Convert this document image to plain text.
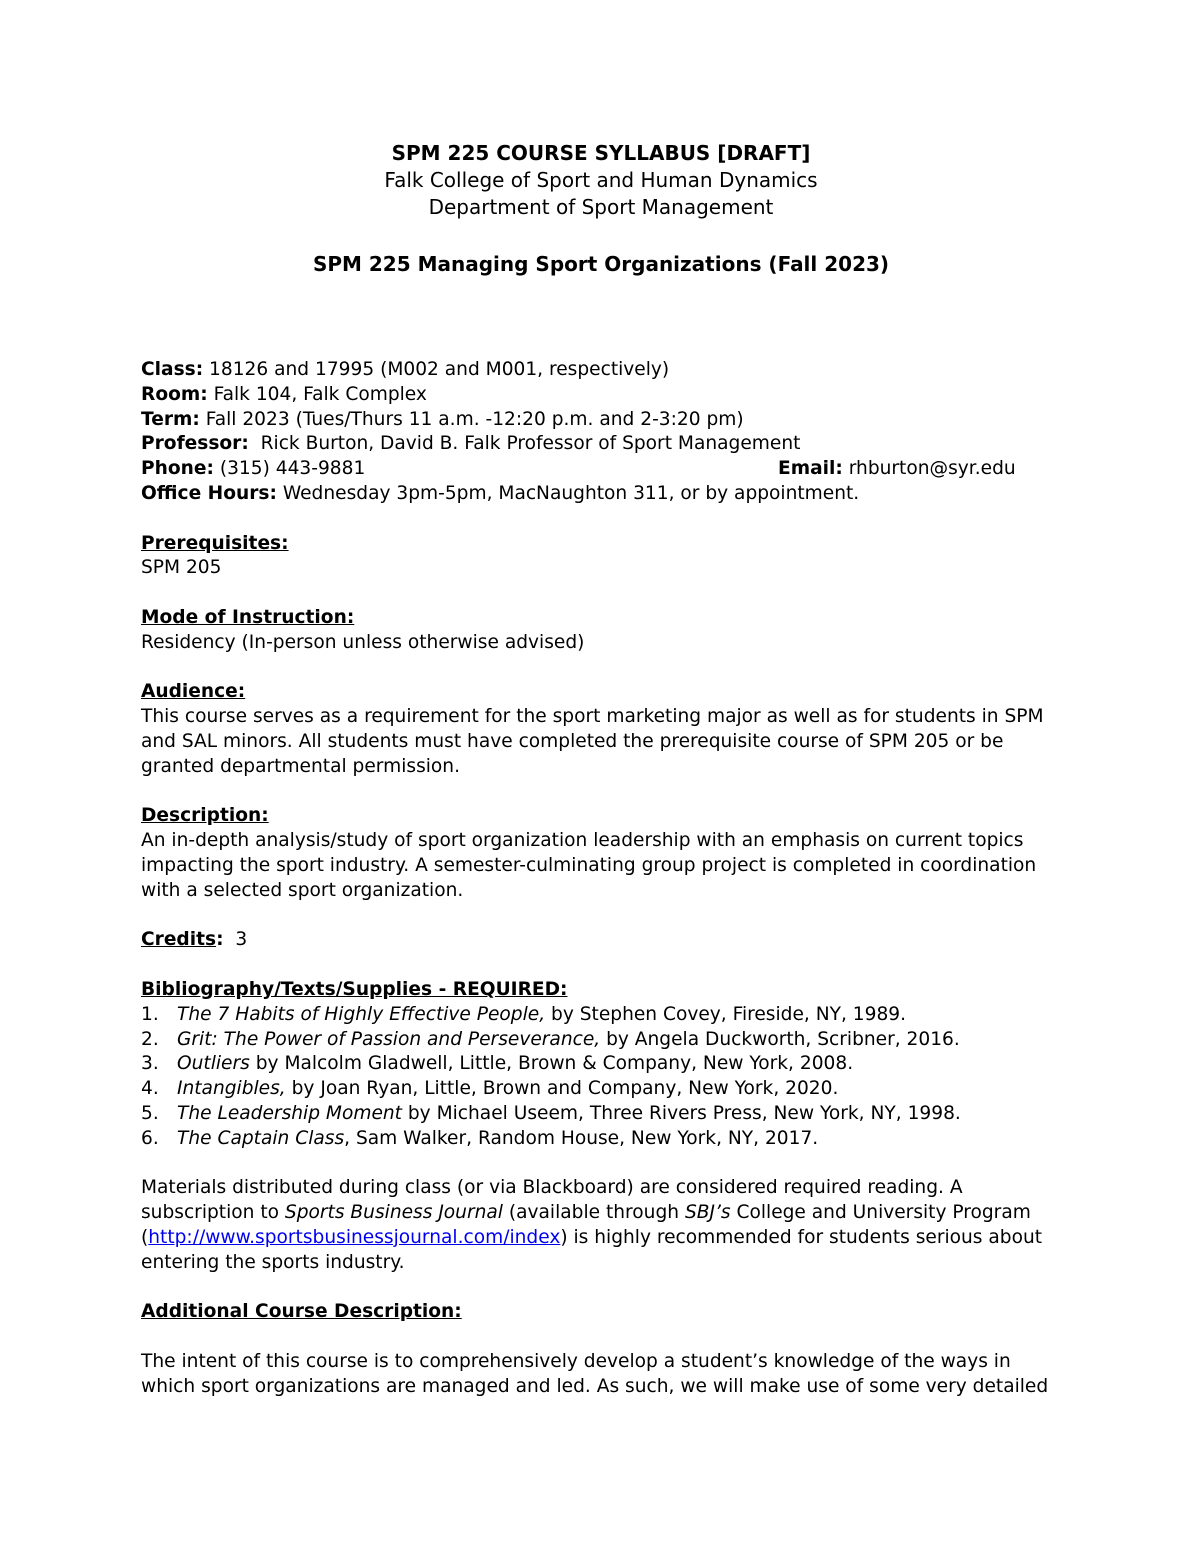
SPM 225 COURSE SYLLABUS [DRAFT]
Falk College of Sport and Human Dynamics
Department of Sport Management
SPM 225 Managing Sport Organizations (Fall 2023)
Class: 18126 and 17995 (M002 and M001, respectively)
Room: Falk 104, Falk Complex
Term: Fall 2023 (Tues/Thurs 11 a.m. -12:20 p.m. and 2-3:20 pm)
Professor:  Rick Burton, David B. Falk Professor of Sport Management
Phone: (315) 443-9881	Email: rhburton@syr.edu
Office Hours: Wednesday 3pm-5pm, MacNaughton 311, or by appointment.
Prerequisites:

SPM 205

Mode of Instruction:

Residency (In-person unless otherwise advised)

Audience:

This course serves as a requirement for the sport marketing major as well as for students in SPM and SAL minors. All students must have completed the prerequisite course of SPM 205 or be granted departmental permission.

Description:

An in-depth analysis/study of sport organization leadership with an emphasis on current topics impacting the sport industry. A semester-culminating group project is completed in coordination with a selected sport organization.

Credits:  3
Bibliography/Texts/Supplies - REQUIRED:
1. The 7 Habits of Highly Effective People, by Stephen Covey, Fireside, NY, 1989.
2. Grit: The Power of Passion and Perseverance, by Angela Duckworth, Scribner, 2016.
3. Outliers by Malcolm Gladwell, Little, Brown & Company, New York, 2008.
4. Intangibles, by Joan Ryan, Little, Brown and Company, New York, 2020.
5. The Leadership Moment by Michael Useem, Three Rivers Press, New York, NY, 1998.
6. The Captain Class, Sam Walker, Random House, New York, NY, 2017.

Materials distributed during class (or via Blackboard) are considered required reading. A subscription to Sports Business Journal (available through SBJ’s College and University Program (http://www.sportsbusinessjournal.com/index) is highly recommended for students serious about entering the sports industry.

Additional Course Description:

The intent of this course is to comprehensively develop a student’s knowledge of the ways in which sport organizations are managed and led. As such, we will make use of some very detailed
